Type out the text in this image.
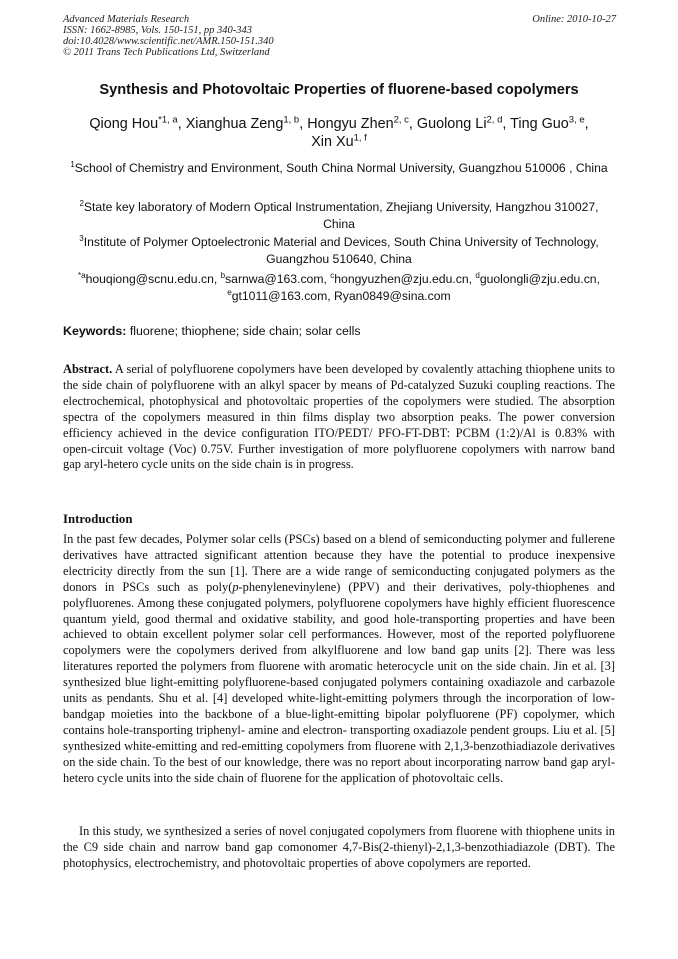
Advanced Materials Research
ISSN: 1662-8985, Vols. 150-151, pp 340-343
doi:10.4028/www.scientific.net/AMR.150-151.340
© 2011 Trans Tech Publications Ltd, Switzerland
Online: 2010-10-27
Synthesis and Photovoltaic Properties of fluorene-based copolymers
Qiong Hou$^{*1, a}$, Xianghua Zeng$^{1, b}$, Hongyu Zhen$^{2, c}$, Guolong Li$^{2, d}$, Ting Guo$^{3, e}$,
Xin Xu$^{1, f}$
$^1$School of Chemistry and Environment, South China Normal University, Guangzhou 510006 , China
$^2$State key laboratory of Modern Optical Instrumentation, Zhejiang University, Hangzhou 310027, China
$^3$Institute of Polymer Optoelectronic Material and Devices, South China University of Technology, Guangzhou 510640, China
$^{*a}$houqiong@scnu.edu.cn, $^b$sarnwa@163.com, $^c$hongyuzhen@zju.edu.cn, $^d$guolongli@zju.edu.cn,
$^e$gt1011@163.com, Ryan0849@sina.com
Keywords: fluorene; thiophene; side chain; solar cells
Abstract. A serial of polyfluorene copolymers have been developed by covalently attaching thiophene units to the side chain of polyfluorene with an alkyl spacer by means of Pd-catalyzed Suzuki coupling reactions. The electrochemical, photophysical and photovoltaic properties of the copolymers were studied. The absorption spectra of the copolymers measured in thin films display two absorption peaks. The power conversion efficiency achieved in the device configuration ITO/PEDT/ PFO-FT-DBT: PCBM (1:2)/Al is 0.83% with open-circuit voltage (Voc) 0.75V. Further investigation of more polyfluorene copolymers with narrow band gap aryl-hetero cycle units on the side chain is in progress.
Introduction
In the past few decades, Polymer solar cells (PSCs) based on a blend of semiconducting polymer and fullerene derivatives have attracted significant attention because they have the potential to produce inexpensive electricity directly from the sun [1]. There are a wide range of semiconducting conjugated polymers as the donors in PSCs such as poly(p-phenylenevinylene) (PPV) and their derivatives, poly-thiophenes and polyfluorenes. Among these conjugated polymers, polyfluorene copolymers have highly efficient fluorescence quantum yield, good thermal and oxidative stability, and good hole-transporting properties and have been achieved to obtain excellent polymer solar cell performances. However, most of the reported polyfluorene copolymers were the copolymers derived from alkylfluorene and low band gap units [2]. There was less literatures reported the polymers from fluorene with aromatic heterocycle unit on the side chain. Jin et al. [3] synthesized blue light-emitting polyfluorene-based conjugated polymers containing oxadiazole and carbazole units as pendants. Shu et al. [4] developed white-light-emitting polymers through the incorporation of low-bandgap moieties into the backbone of a blue-light-emitting bipolar polyfluorene (PF) copolymer, which contains hole-transporting triphenyl- amine and electron- transporting oxadiazole pendent groups. Liu et al. [5] synthesized white-emitting and red-emitting copolymers from fluorene with 2,1,3-benzothiadiazole derivatives on the side chain. To the best of our knowledge, there was no report about incorporating narrow band gap aryl-hetero cycle units into the side chain of fluorene for the application of photovoltaic cells.
In this study, we synthesized a series of novel conjugated copolymers from fluorene with thiophene units in the C9 side chain and narrow band gap comonomer 4,7-Bis(2-thienyl)-2,1,3-benzothiadiazole (DBT). The photophysics, electrochemistry, and photovoltaic properties of above copolymers are reported.
